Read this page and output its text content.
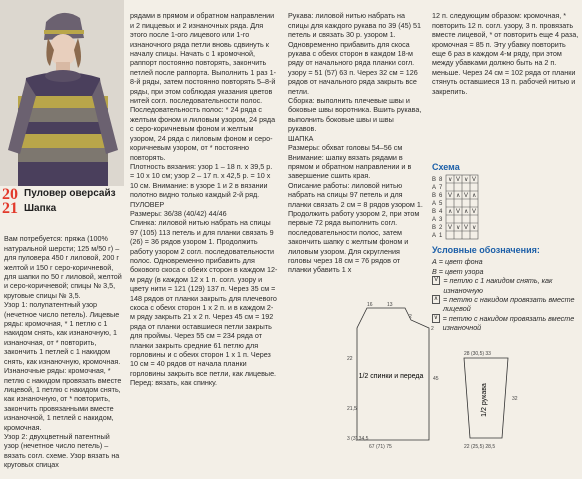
20
21
Пуловер оверсайз
Шапка

Вам потребуется: пряжа (100% натуральной шерсти; 125 м/50 г) – для пуловера 450 г лиловой, 200 г желтой и 150 г серо-коричневой, для шапки по 50 г лиловой, желтой и серо-коричневой; спицы № 3,5, круговые спицы № 3,5.
Узор 1: полупатентный узор (нечетное число петель). Лицевые ряды: кромочная, * 1 петлю с 1 накидом снять, как изнаночную, 1 изнаночная, от * повторить, закончить 1 петлей с 1 накидом снять, как изнаночную, кромочная. Изнаночные ряды: кромочная, * петлю с накидом провязать вместе лицевой, 1 петлю с накидом снять, как изнаночную, от * повторить, закончить провязанными вместе изнаночной, 1 петлей с накидом, кромочная.
Узор 2: двухцветный патентный узор (нечетное число петель) – вязать согл. схеме. Узор вязать на круговых спицах

рядами в прямом и обратном направлении и 2 пиццевых и 2 изнаночных ряда. Для этого после 1-ого лицевого или 1-го изнаночного ряда петли вновь сдвинуть к началу спицы. Начать с 1 кромочной, раппорт постоянно повторять, закончить петлей после раппорта. Выполнить 1 раз 1-8-й ряды, затем постоянно повторять 5–8-й ряды, при этом соблюдая указания цветов нитей согл. последовательности полос.
Последовательность полос: * 24 ряда с желтым фоном и лиловым узором, 24 ряда с серо-коричневым фоном и желтым узором, 24 ряда с лиловым фоном и серо-коричневым узором, от * постоянно повторять.
Плотность вязания: узор 1 – 18 п. x 39,5 р. = 10 x 10 см; узор 2 – 17 п. x 42,5 р. = 10 x 10 см. Внимание: в узоре 1 и 2 в вязании полотно видно только каждый 2-й ряд.
ПУЛОВЕР
Размеры: 36/38 (40/42) 44/46
Спинка: лиловой нитью набрать на спицы 97 (105) 113 петель и для планки связать 9 (26) = 36 рядов узором 1. Продолжить работу узором 2 согл. последовательности полос. Одновременно прибавить для бокового скоса с обеих сторон в каждом 12-м ряду (в каждом 12 x 1 п. согл. узору и цвету нити = 121 (129) 137 п. Через 35 см = 148 рядов от планки закрыть для плечевого скоса с обеих сторон 1 x 2 п. и в каждом 2-м ряду закрыть 21 x 2 п. Через 45 см = 192 ряда от планки оставшиеся петли закрыть для проймы. Через 55 см = 234 ряда от планки закрыть средние 61 петлю для горловины и с обеих сторон 1 x 1 п. Через 10 см = 40 рядов от начала планки горловины закрыть все петли, как лицевые.
Перед: вязать, как спинку.

Рукава: лиловой нитью набрать на спицы для каждого рукава по 39 (45) 51 петель и связать 30 р. узором 1. Одновременно прибавить для скоса рукава с обеих сторон в каждом 18-м ряду от начального ряда планки согл. узору = 51 (57) 63 п. Через 32 см = 126 рядов от начального ряда закрыть все петли.
Сборка: выполнить плечевые швы и боковые швы воротника. Вшить рукава, выполнить боковые швы и швы рукавов.
ШАПКА
Размеры: обхват головы 54–56 см
Внимание: шапку вязать рядами в прямом и обратном направлении и в завершение сшить края.
Описание работы: лиловой нитью набрать на спицы 97 петель и для планки связать 2 см = 8 рядов узором 1. Продолжить работу узором 2, при этом первые 72 ряда выполнить согл. последовательности полос, затем закончить шапку с желтым фоном и лиловым узором. Для скругления головы через 18 см = 76 рядов от планки убавить 1 x

12 п. следующим образом: кромочная, * повторить 12 п. согл. узору, 3 п. провязать вместе лицевой, * от повторить еще 4 раза, кромочная = 85 п. Эту убавку повторить еще 6 раз в каждом 4-м ряду, при этом между убавками должно быть на 2 п. меньше. Через 24 см = 102 ряда от планки стянуть оставшиеся 13 п. рабочей нитью и закрепить.

Схема
B 8
A 7
B 6
A 5
B 4
A 3
B 2
A 1
∨ V ∨ V
V ∧ V ∧
∧ V ∧ V
V ∨ V ∨
Условные обозначения:
А = цвет фона
В = цвет узора
V = петлю с 1 накидом снять, как изнаночную
∧ = петлю с накидом провязать вместе лицевой
∨ = петлю с накидом провязать вместе изнаночной
1/2 спинки и переда
16
45
2
2
22
21,5
67 (71) 75
13
3 (3) 34,5
1/2 рукава
28 (30,5) 33
32
22 (25,5) 28,5
